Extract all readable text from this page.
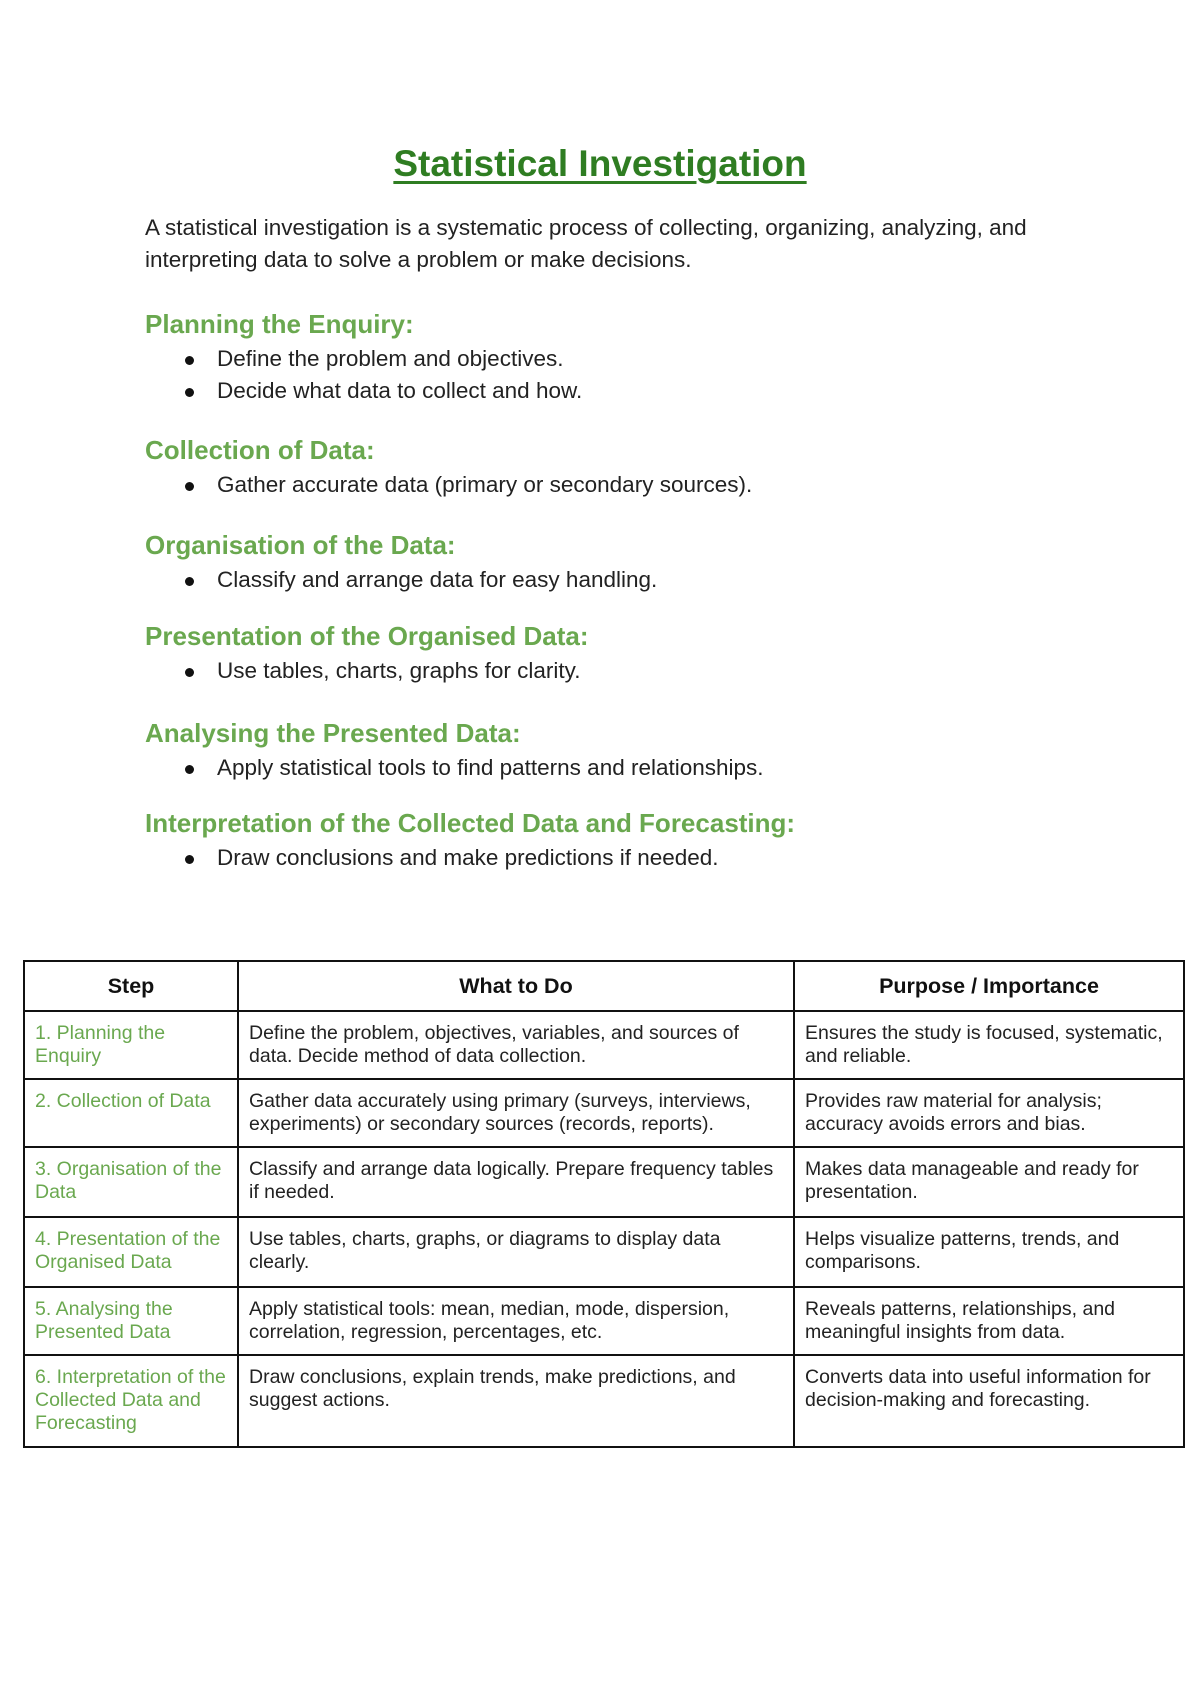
Statistical Investigation

A statistical investigation is a systematic process of collecting, organizing, analyzing, and interpreting data to solve a problem or make decisions.

Planning the Enquiry:
Define the problem and objectives.
Decide what data to collect and how.
Collection of Data:
Gather accurate data (primary or secondary sources).
Organisation of the Data:
Classify and arrange data for easy handling.
Presentation of the Organised Data:
Use tables, charts, graphs for clarity.
Analysing the Presented Data:
Apply statistical tools to find patterns and relationships.
Interpretation of the Collected Data and Forecasting:
Draw conclusions and make predictions if needed.
Step	What to Do	Purpose / Importance
1. Planning the Enquiry	Define the problem, objectives, variables, and sources of data. Decide method of data collection.	Ensures the study is focused, systematic, and reliable.
2. Collection of Data	Gather data accurately using primary (surveys, interviews, experiments) or secondary sources (records, reports).	Provides raw material for analysis; accuracy avoids errors and bias.
3. Organisation of the Data	Classify and arrange data logically. Prepare frequency tables if needed.	Makes data manageable and ready for presentation.
4. Presentation of the Organised Data	Use tables, charts, graphs, or diagrams to display data clearly.	Helps visualize patterns, trends, and comparisons.
5. Analysing the Presented Data	Apply statistical tools: mean, median, mode, dispersion, correlation, regression, percentages, etc.	Reveals patterns, relationships, and meaningful insights from data.
6. Interpretation of the Collected Data and Forecasting	Draw conclusions, explain trends, make predictions, and suggest actions.	Converts data into useful information for decision-making and forecasting.
